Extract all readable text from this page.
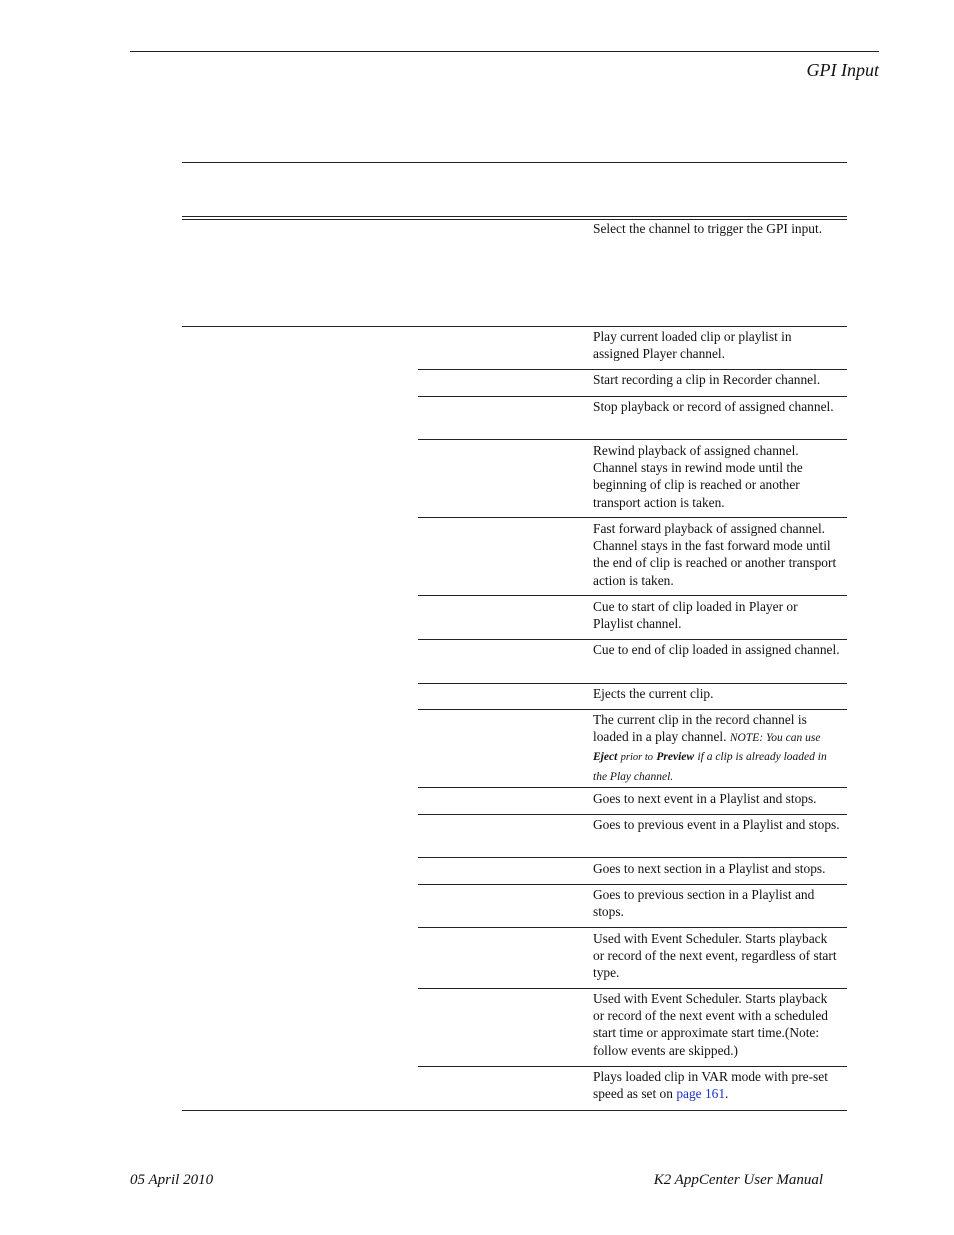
GPI Input
Select the channel to trigger the GPI input.
Play current loaded clip or playlist in assigned Player channel.
Start recording a clip in Recorder channel.
Stop playback or record of assigned channel.
Rewind playback of assigned channel. Channel stays in rewind mode until the beginning of clip is reached or another transport action is taken.
Fast forward playback of assigned channel. Channel stays in the fast forward mode until the end of clip is reached or another transport action is taken.
Cue to start of clip loaded in Player or Playlist channel.
Cue to end of clip loaded in assigned channel.
Ejects the current clip.
The current clip in the record channel is loaded in a play channel. NOTE: You can use Eject prior to Preview if a clip is already loaded in the Play channel.
Goes to next event in a Playlist and stops.
Goes to previous event in a Playlist and stops.
Goes to next section in a Playlist and stops.
Goes to previous section in a Playlist and stops.
Used with Event Scheduler. Starts playback or record of the next event, regardless of start type.
Used with Event Scheduler. Starts playback or record of the next event with a scheduled start time or approximate start time.(Note: follow events are skipped.)
Plays loaded clip in VAR mode with pre-set speed as set on page 161.
05 April 2010	K2 AppCenter User Manual
